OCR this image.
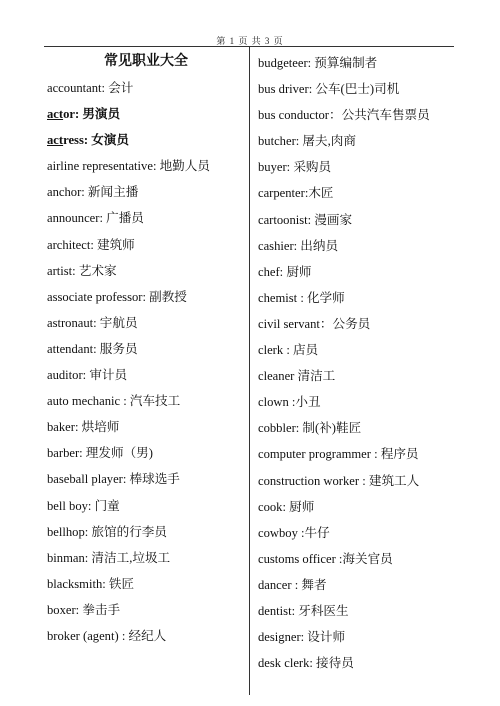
第 1 页 共 3 页
常见职业大全
accountant: 会计
actor: 男演员
actress: 女演员
airline representative: 地勤人员
anchor: 新闻主播
announcer: 广播员
architect: 建筑师
artist: 艺术家
associate professor: 副教授
astronaut: 宇航员
attendant: 服务员
auditor: 审计员
auto mechanic : 汽车技工
baker: 烘培师
barber: 理发师（男)
baseball player: 棒球选手
bell boy: 门童
bellhop: 旅馆的行李员
binman: 清洁工,垃圾工
blacksmith: 铁匠
boxer: 拳击手
broker (agent) : 经纪人
budgeteer: 预算编制者
bus driver: 公车(巴士)司机
bus conductor：公共汽车售票员
butcher: 屠夫,肉商
buyer: 采购员
carpenter:木匠
cartoonist: 漫画家
cashier: 出纳员
chef: 厨师
chemist : 化学师
civil servant：公务员
clerk : 店员
cleaner 清洁工
clown :小丑
cobbler: 制(补)鞋匠
computer programmer : 程序员
construction worker : 建筑工人
cook: 厨师
cowboy :牛仔
customs officer :海关官员
dancer : 舞者
dentist: 牙科医生
designer: 设计师
desk clerk: 接待员
